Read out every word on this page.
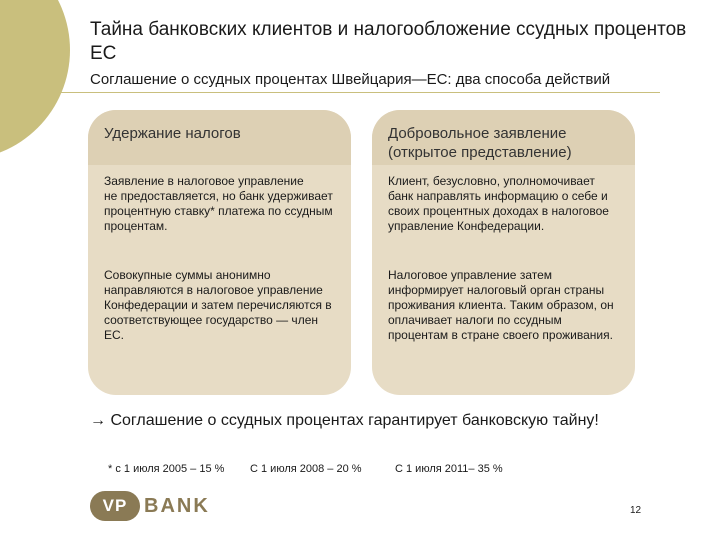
Тайна банковских клиентов и налогообложение ссудных процентов ЕС
Соглашение о ссудных процентах Швейцария—ЕС: два способа действий
Удержание налогов
Заявление в налоговое управление
не предоставляется, но банк удерживает процентную ставку* платежа по ссудным процентам.
Совокупные суммы анонимно направляются в налоговое управление Конфедерации и затем перечисляются в соответствующее государство — член ЕС.
Добровольное заявление (открытое представление)
Клиент, безусловно, уполномочивает банк направлять информацию о себе и своих процентных доходах в налоговое управление Конфедерации.
Налоговое управление затем информирует налоговый орган страны проживания клиента. Таким образом, он оплачивает налоги по ссудным процентам в стране своего проживания.
→ Соглашение о ссудных процентах гарантирует банковскую тайну!
* с 1 июля 2005 – 15 % С 1 июля 2008 – 20 %	С 1 июля 2011– 35 %
VP BANK	12
